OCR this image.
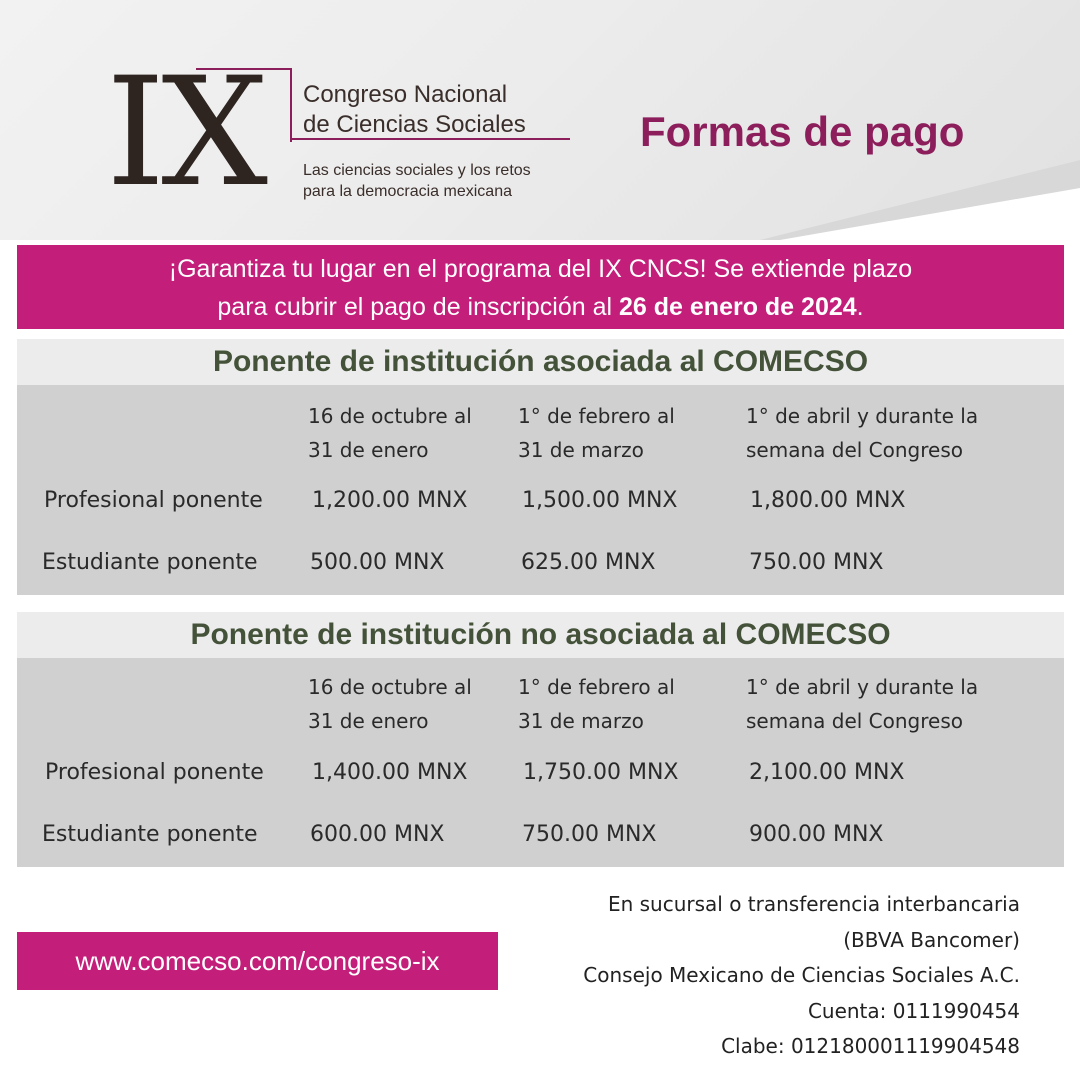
IX Congreso Nacional
de Ciencias Sociales
Las ciencias sociales y los retos
para la democracia mexicana
Formas de pago
¡Garantiza tu lugar en el programa del IX CNCS! Se extiende plazo
para cubrir el pago de inscripción al 26 de enero de 2024.
Ponente de institución asociada al COMECSO
16 de octubre al
31 de enero
1° de febrero al
31 de marzo
1° de abril y durante la
semana del Congreso
Profesional ponente 1,200.00 MNX 1,500.00 MNX	1,800.00 MNX
Estudiante ponente 500.00 MNX	625.00 MNX	750.00 MNX
Ponente de institución no asociada al COMECSO
16 de octubre al
31 de enero
1° de febrero al
31 de marzo
1° de abril y durante la
semana del Congreso
Profesional ponente 1,400.00 MNX	1,750.00 MNX	2,100.00 MNX
Estudiante ponente 600.00 MNX	750.00 MNX	900.00 MNX
www.comecso.com/congreso-ix
En sucursal o transferencia interbancaria
(BBVA Bancomer)
Consejo Mexicano de Ciencias Sociales A.C.
Cuenta: 0111990454
Clabe: 012180001119904548
